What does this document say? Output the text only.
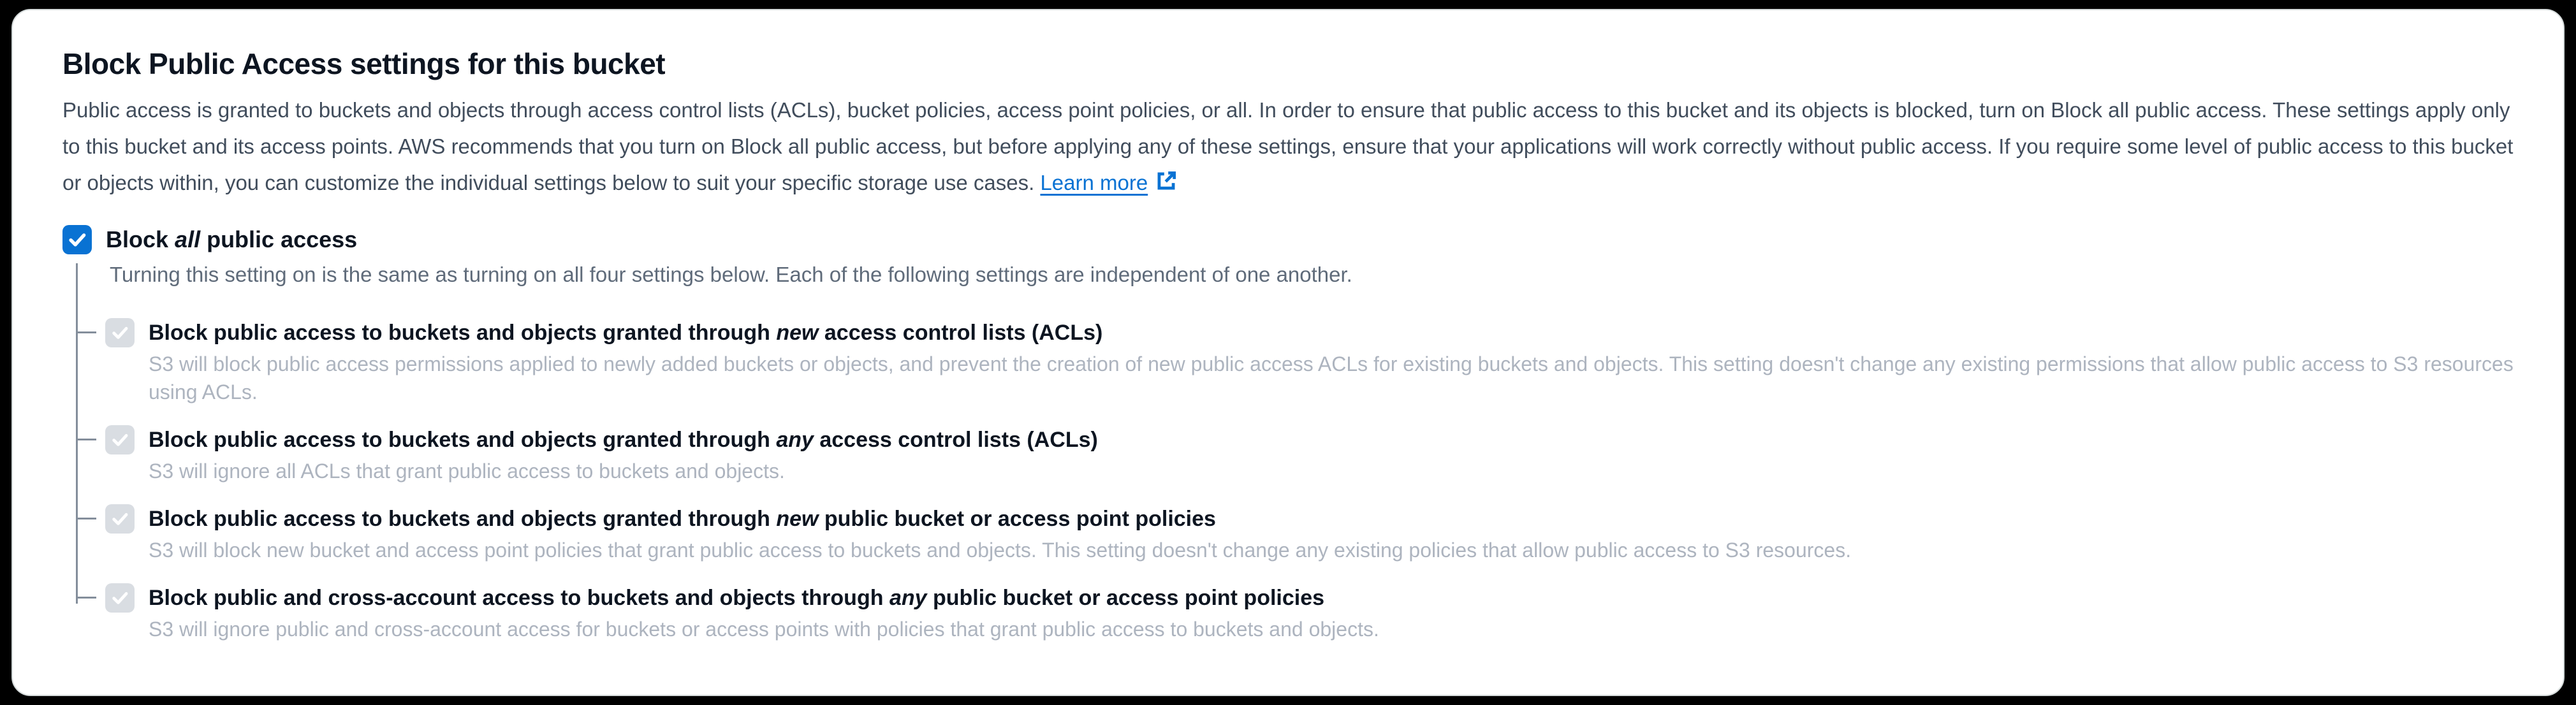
Block Public Access settings for this bucket

Public access is granted to buckets and objects through access control lists (ACLs), bucket policies, access point policies, or all. In order to ensure that public access to this bucket and its objects is blocked, turn on Block all public access. These settings apply only to this bucket and its access points. AWS recommends that you turn on Block all public access, but before applying any of these settings, ensure that your applications will work correctly without public access. If you require some level of public access to this bucket or objects within, you can customize the individual settings below to suit your specific storage use cases. Learn more

Block all public access

Turning this setting on is the same as turning on all four settings below. Each of the following settings are independent of one another.

Block public access to buckets and objects granted through new access control lists (ACLs)

S3 will block public access permissions applied to newly added buckets or objects, and prevent the creation of new public access ACLs for existing buckets and objects. This setting doesn't change any existing permissions that allow public access to S3 resources using ACLs.

Block public access to buckets and objects granted through any access control lists (ACLs)

S3 will ignore all ACLs that grant public access to buckets and objects.

Block public access to buckets and objects granted through new public bucket or access point policies

S3 will block new bucket and access point policies that grant public access to buckets and objects. This setting doesn't change any existing policies that allow public access to S3 resources.

Block public and cross-account access to buckets and objects through any public bucket or access point policies

S3 will ignore public and cross-account access for buckets or access points with policies that grant public access to buckets and objects.
